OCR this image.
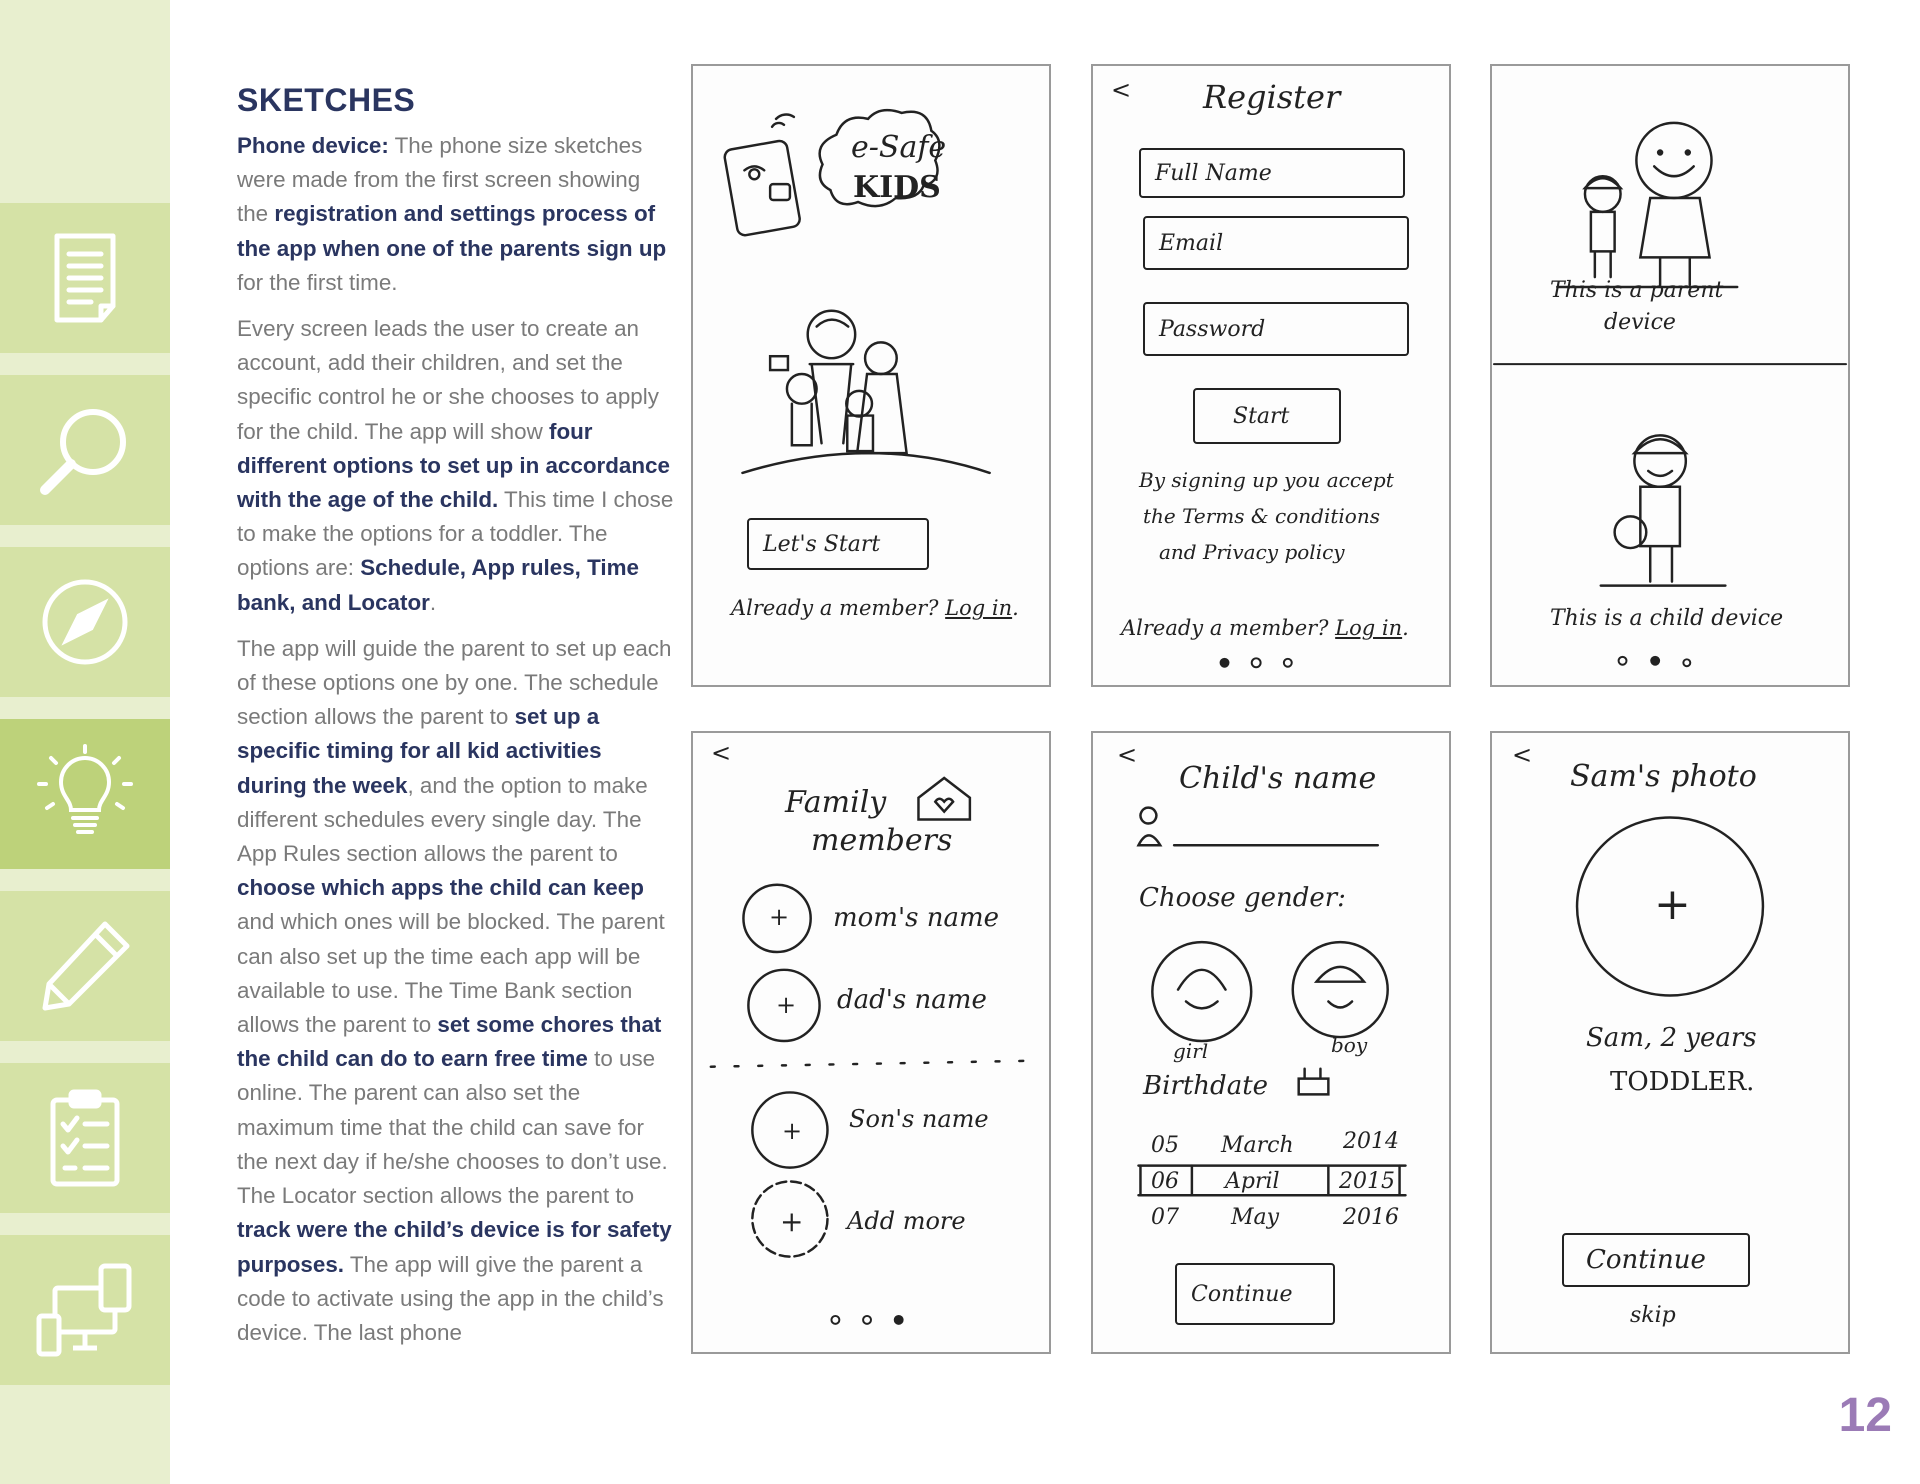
SKETCHES

Phone device: The phone size sketches were made from the first screen showing the registration and settings process of the app when one of the parents sign up for the first time.

Every screen leads the user to create an account, add their children, and set the specific control he or she chooses to apply for the child. The app will show four different options to set up in accordance with the age of the child. This time I chose to make the options for a toddler. The options are: Schedule, App rules, Time bank, and Locator.

The app will guide the parent to set up each of these options one by one. The schedule section allows the parent to set up a specific timing for all kid activities during the week, and the option to make different schedules every single day. The App Rules section allows the parent to choose which apps the child can keep and which ones will be blocked. The parent can also set up the time each app will be available to use. The Time Bank section allows the parent to set some chores that the child can do to earn free time to use online. The parent can also set the maximum time that the child can save for the next day if he/she chooses to don’t use. The Locator section allows the parent to track were the child’s device is for safety purposes. The app will give the parent a code to activate using the app in the child’s device. The last phone

e-Safe
KIDS
Let's Start
Already a member? Log in.
< Register
Full Name
Email
Password
Start
By signing up you accept
the Terms & conditions
and Privacy policy
Already a member? Log in.
This is a parent
device
This is a child device
<
Family
members
+
+
+
+
mom's name
dad's name
Son's name
Add more
<
Child's name
Choose gender:
girl	boy
Birthdate
05
06
07
March
April
May
2014
2015
2016
Continue
<
Sam's photo
+
Sam, 2 years
TODDLER.
Continue
skip
12
